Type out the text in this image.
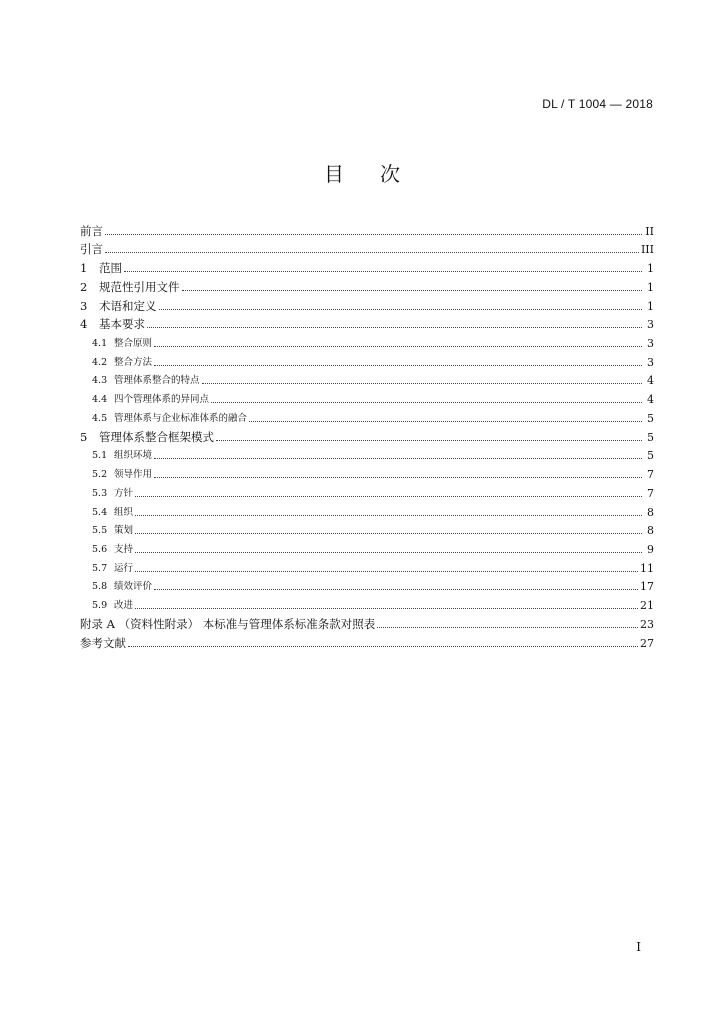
DL / T 1004 — 2018
目次
前言	II
引言	III
1	范围	1
2	规范性引用文件	1
3	术语和定义	1
4	基本要求	3
4.1 整合原则	3
4.2 整合方法	3
4.3 管理体系整合的特点	4
4.4 四个管理体系的异同点	4
4.5 管理体系与企业标准体系的融合	5
5	管理体系整合框架模式	5
5.1 组织环境	5
5.2 领导作用	7
5.3 方针	7
5.4 组织	8
5.5 策划	8
5.6 支持	9
5.7 运行	11
5.8 绩效评价	17
5.9 改进	21
附录 A （资料性附录） 本标准与管理体系标准条款对照表	23
参考文献	27
I
